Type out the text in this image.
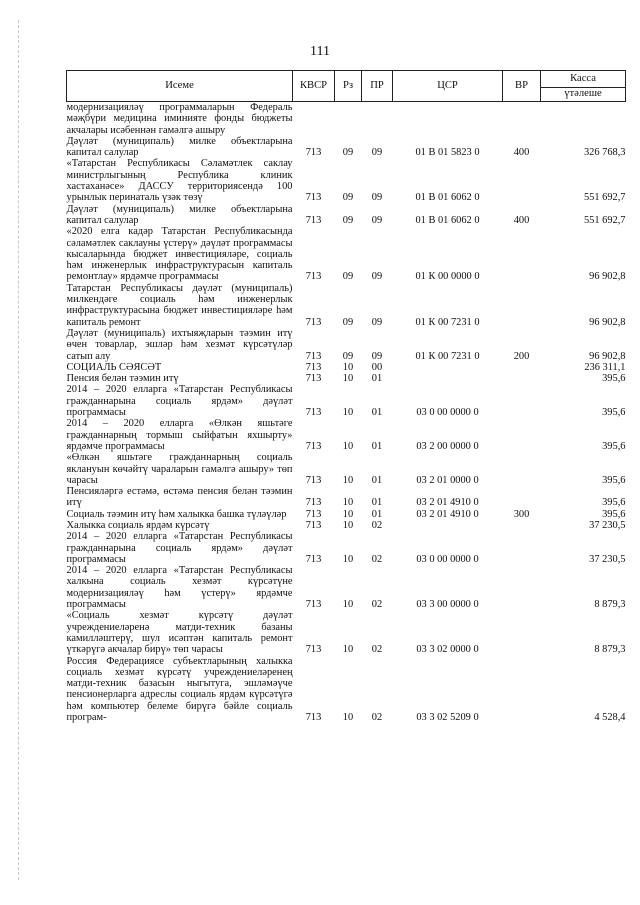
111
Исеме	КВСР	Рз	ПР	ЦСР	ВР	Касса
үтәлеше

модернизацияләү программаларын Федераль мәҗбүри медицина иминияте фонды бюджеты акчалары исәбеннән гамәлгә ашыру						
Дәүләт (муниципаль) милке объектларына капитал салулар	713	09	09	01 В 01 5823 0	400	326 768,3
«Татарстан Республикасы Сәламәтлек саклау министрлыгының Республика клиник хастаханәсе» ДАССУ территориясендә 100 урынлык перинаталь үзәк төзү	713	09	09	01 В 01 6062 0		551 692,7
Дәүләт (муниципаль) милке объектларына капитал салулар	713	09	09	01 В 01 6062 0	400	551 692,7
«2020 елга кадәр Татарстан Республикасында сәламәтлек саклауны үстерү» дәүләт программасы кысаларында бюджет инвестицияләре, социаль һәм инженерлык инфраструктурасын капиталь ремонтлау» ярдәмче программасы	713	09	09	01 К 00 0000 0		96 902,8
Татарстан Республикасы дәүләт (муниципаль) милкендәге социаль һәм инженерлык инфраструктурасына бюджет инвестицияләре һәм капиталь ремонт	713	09	09	01 К 00 7231 0		96 902,8
Дәүләт (муниципаль) ихтыяҗларын тәэмин итү өчен товарлар, эшләр һәм хезмәт күрсәтүләр сатып алу	713	09	09	01 К 00 7231 0	200	96 902,8
СОЦИАЛЬ СӘЯСӘТ	713	10	00			236 311,1
Пенсия белән тәэмин итү	713	10	01			395,6
2014 – 2020 елларга «Татарстан Республикасы гражданнарына социаль ярдәм» дәүләт программасы	713	10	01	03 0 00 0000 0		395,6
2014 – 2020 елларга «Өлкән яшьтәге гражданнарның тормыш сыйфатын яхшырту» ярдәмче программасы	713	10	01	03 2 00 0000 0		395,6
«Өлкән яшьтәге гражданнарның социаль яклануын көчәйтү чараларын гамәлгә ашыру» төп чарасы	713	10	01	03 2 01 0000 0		395,6
Пенсияләргә естәмә, өстәмә пенсия белән тәэмин итү	713	10	01	03 2 01 4910 0		395,6
Социаль тәэмин итү һәм халыкка башка түләүләр	713	10	01	03 2 01 4910 0	300	395,6
Халыкка социаль ярдәм күрсәтү	713	10	02			37 230,5
2014 – 2020 елларга «Татарстан Республикасы гражданнарына социаль ярдәм» дәүләт программасы	713	10	02	03 0 00 0000 0		37 230,5
2014 – 2020 елларга «Татарстан Республикасы халкына социаль хезмәт күрсәтүне модернизацияләү һәм үстерү» ярдәмче программасы	713	10	02	03 3 00 0000 0		8 879,3
«Социаль хезмәт күрсәтү дәүләт учреждениеләренә матди-техник базаны камилләштерү, шул исәптән капиталь ремонт үткәрүгә акчалар бирү» төп чарасы	713	10	02	03 3 02 0000 0		8 879,3
Россия Федерациясе субъектларының халыкка социаль хезмәт күрсәтү учреждениеләренең матди-техник базасын ныгытуга, эшләмәүче пенсионерларга адреслы социаль ярдәм күрсәтүгә һәм компьютер белеме бирүгә бәйле социаль програм-	713	10	02	03 3 02 5209 0		4 528,4
